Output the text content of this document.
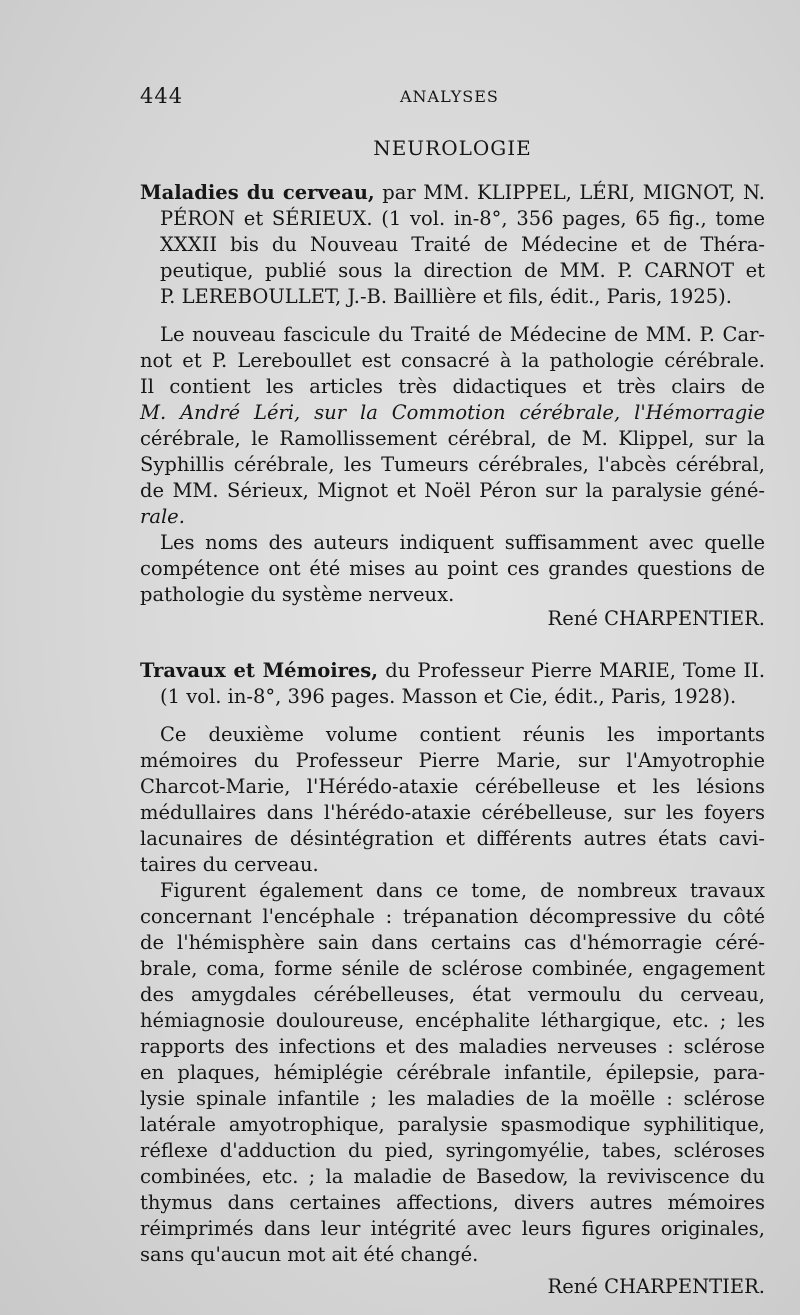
444	ANALYSES
NEUROLOGIE
Maladies du cerveau, par MM. KLIPPEL, LÉRI, MIGNOT, N.
PÉRON et SÉRIEUX. (1 vol. in-8°, 356 pages, 65 fig., tome
XXXII bis du Nouveau Traité de Médecine et de Théra-
peutique, publié sous la direction de MM. P. CARNOT et
P. LEREBOULLET, J.-B. Baillière et fils, édit., Paris, 1925).
Le nouveau fascicule du Traité de Médecine de MM. P. Car-
not et P. Lereboullet est consacré à la pathologie cérébrale.
Il contient les articles très didactiques et très clairs de
M. André Léri, sur la Commotion cérébrale, l'Hémorragie
cérébrale, le Ramollissement cérébral, de M. Klippel, sur la
Syphillis cérébrale, les Tumeurs cérébrales, l'abcès cérébral,
de MM. Sérieux, Mignot et Noël Péron sur la paralysie géné-
rale.
Les noms des auteurs indiquent suffisamment avec quelle
compétence ont été mises au point ces grandes questions de
pathologie du système nerveux.
René CHARPENTIER.
Travaux et Mémoires, du Professeur Pierre MARIE, Tome II.
(1 vol. in-8°, 396 pages. Masson et Cie, édit., Paris, 1928).
Ce deuxième volume contient réunis les importants
mémoires du Professeur Pierre Marie, sur l'Amyotrophie
Charcot-Marie, l'Hérédo-ataxie cérébelleuse et les lésions
médullaires dans l'hérédo-ataxie cérébelleuse, sur les foyers
lacunaires de désintégration et différents autres états cavi-
taires du cerveau.
Figurent également dans ce tome, de nombreux travaux
concernant l'encéphale : trépanation décompressive du côté
de l'hémisphère sain dans certains cas d'hémorragie céré-
brale, coma, forme sénile de sclérose combinée, engagement
des amygdales cérébelleuses, état vermoulu du cerveau,
hémiagnosie douloureuse, encéphalite léthargique, etc. ; les
rapports des infections et des maladies nerveuses : sclérose
en plaques, hémiplégie cérébrale infantile, épilepsie, para-
lysie spinale infantile ; les maladies de la moëlle : sclérose
latérale amyotrophique, paralysie spasmodique syphilitique,
réflexe d'adduction du pied, syringomyélie, tabes, scléroses
combinées, etc. ; la maladie de Basedow, la reviviscence du
thymus dans certaines affections, divers autres mémoires
réimprimés dans leur intégrité avec leurs figures originales,
sans qu'aucun mot ait été changé.
René CHARPENTIER.
